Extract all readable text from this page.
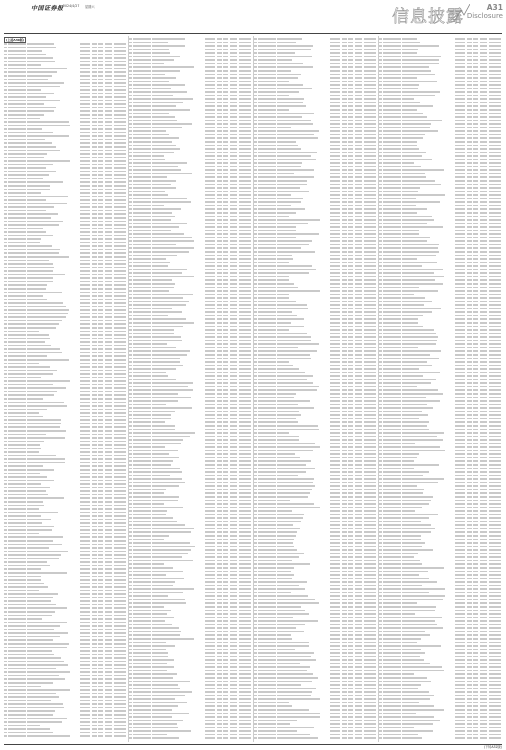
中国证券报 2024/4/27 星期六	信息披露	A31
Disclosure
(上接A30版)
(下转A32版)
